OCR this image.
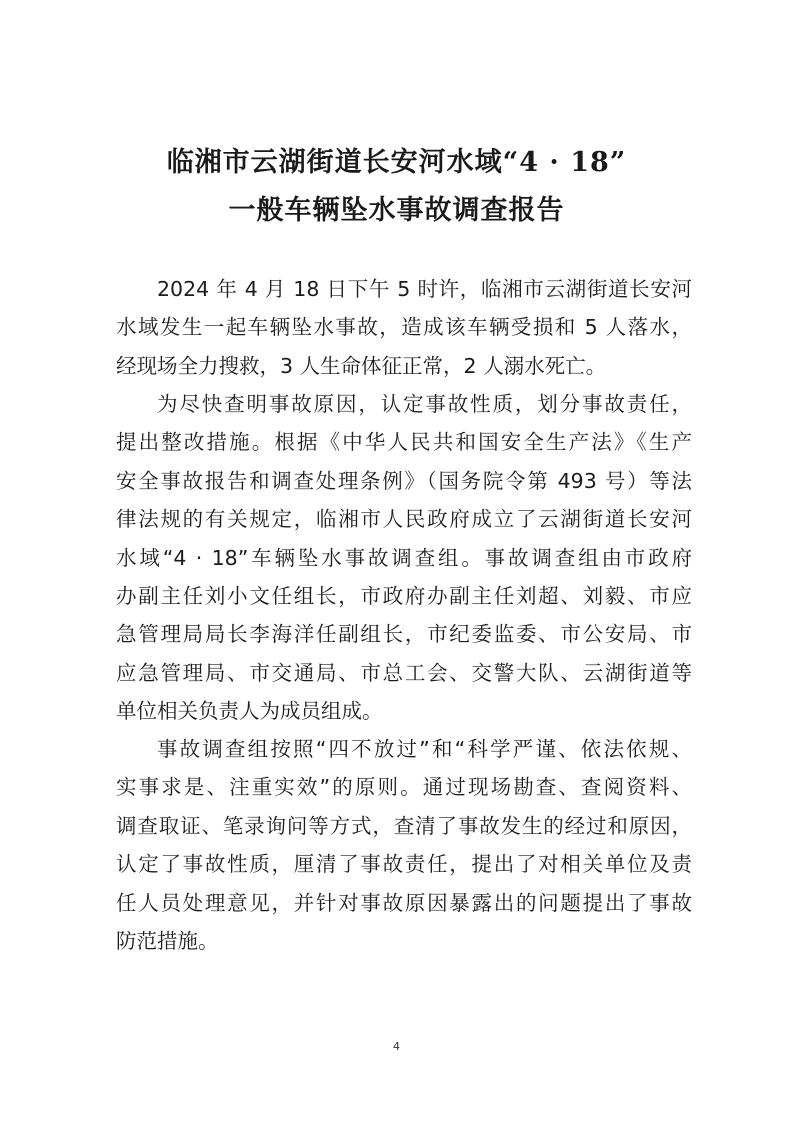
临湘市云湖街道长安河水域“4 · 18”
一般车辆坠水事故调查报告
2024 年 4 月 18 日下午 5 时许，临湘市云湖街道长安河
水域发生一起车辆坠水事故，造成该车辆受损和 5 人落水，
经现场全力搜救，3 人生命体征正常，2 人溺水死亡。
为尽快查明事故原因，认定事故性质，划分事故责任，
提出整改措施。根据《中华人民共和国安全生产法》《生产
安全事故报告和调查处理条例》（国务院令第 493 号）等法
律法规的有关规定，临湘市人民政府成立了云湖街道长安河
水域“4 · 18”车辆坠水事故调查组。事故调查组由市政府
办副主任刘小文任组长，市政府办副主任刘超、刘毅、市应
急管理局局长李海洋任副组长，市纪委监委、市公安局、市
应急管理局、市交通局、市总工会、交警大队、云湖街道等
单位相关负责人为成员组成。
事故调查组按照“四不放过”和“科学严谨、依法依规、
实事求是、注重实效”的原则。通过现场勘查、查阅资料、
调查取证、笔录询问等方式，查清了事故发生的经过和原因，
认定了事故性质，厘清了事故责任，提出了对相关单位及责
任人员处理意见，并针对事故原因暴露出的问题提出了事故
防范措施。
4
